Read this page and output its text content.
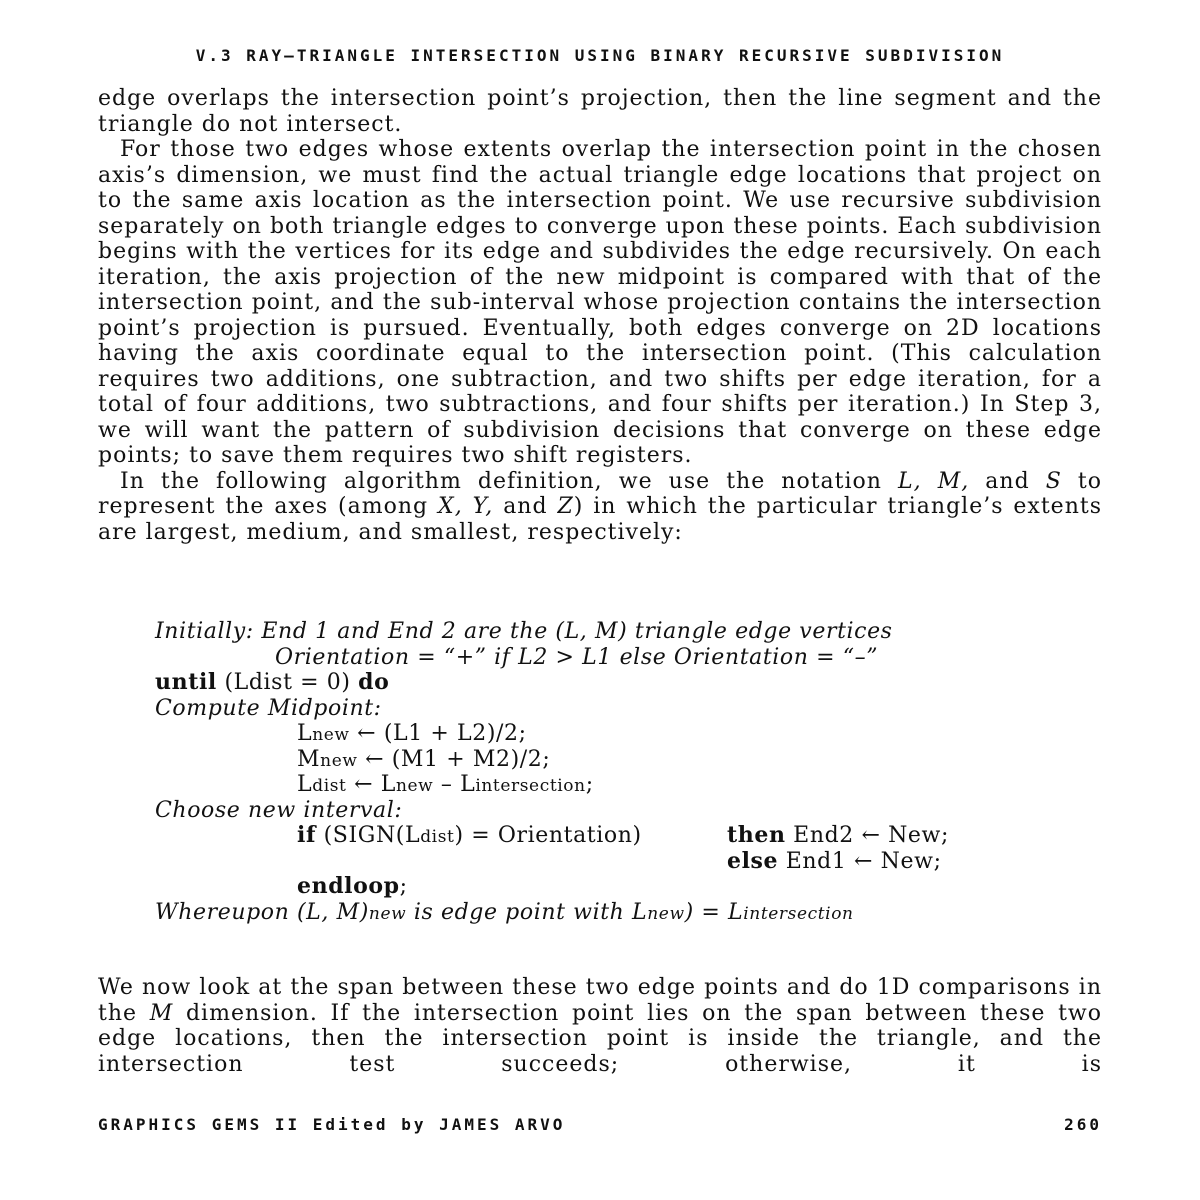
V.3 RAY–TRIANGLE INTERSECTION USING BINARY RECURSIVE SUBDIVISION

edge overlaps the intersection point’s projection, then the line segment and the triangle do not intersect.

For those two edges whose extents overlap the intersection point in the chosen axis’s dimension, we must find the actual triangle edge locations that project on to the same axis location as the intersection point. We use recursive subdivision separately on both triangle edges to converge upon these points. Each subdivision begins with the vertices for its edge and subdivides the edge recursively. On each iteration, the axis projection of the new midpoint is compared with that of the intersection point, and the sub-interval whose projection contains the intersection point’s projection is pursued. Eventually, both edges converge on 2D locations having the axis coordinate equal to the intersection point. (This calculation requires two additions, one subtraction, and two shifts per edge iteration, for a total of four additions, two subtractions, and four shifts per iteration.) In Step 3, we will want the pattern of subdivision decisions that converge on these edge points; to save them requires two shift registers.

In the following algorithm definition, we use the notation L, M, and S to represent the axes (among X, Y, and Z) in which the particular triangle’s extents are largest, medium, and smallest, respectively:

Initially: End 1 and End 2 are the (L, M) triangle edge vertices
Orientation = “+” if L2 > L1 else Orientation = “–”
until (Ldist = 0) do
Compute Midpoint:
Lnew ← (L1 + L2)/2;
Mnew ← (M1 + M2)/2;
Ldist ← Lnew – Lintersection;
Choose new interval:
if (SIGN(Ldist) = Orientation)	then End2 ← New;
else End1 ← New;
endloop;
Whereupon (L, M)new is edge point with Lnew) = Lintersection

We now look at the span between these two edge points and do 1D comparisons in the M dimension. If the intersection point lies on the span between these two edge locations, then the intersection point is inside the triangle, and the intersection test succeeds; otherwise, it is

GRAPHICS GEMS II Edited by JAMES ARVO	260
